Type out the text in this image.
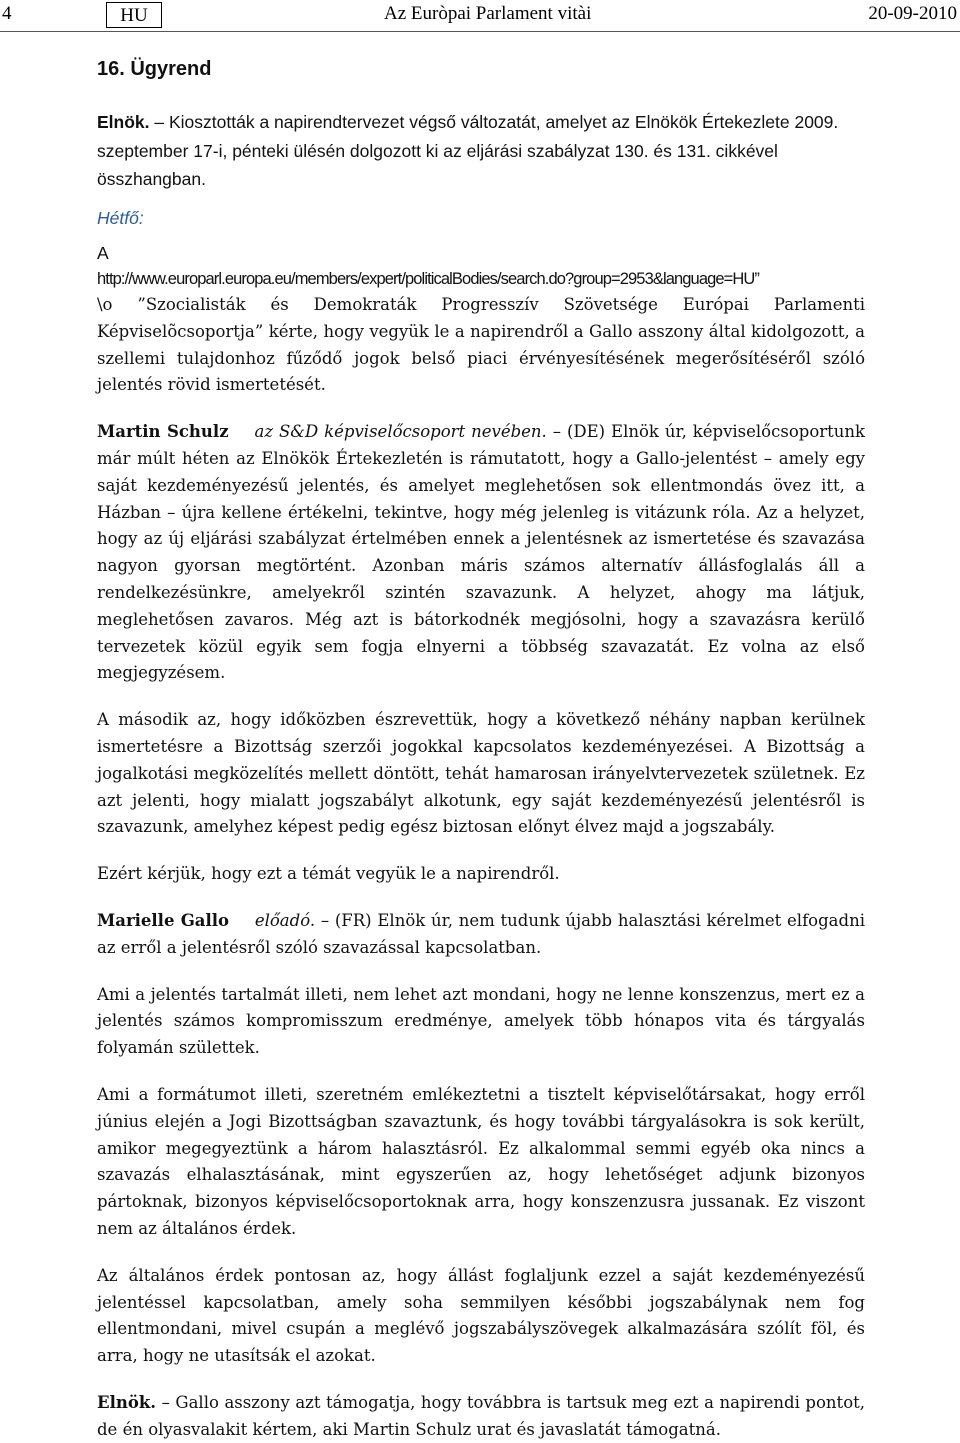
4	HU	Az Euròpai Parlament vitài	20-09-2010
16. Ügyrend

Elnök. – Kiosztották a napirendtervezet végső változatát, amelyet az Elnökök Értekezlete 2009. szeptember 17-i, pénteki ülésén dolgozott ki az eljárási szabályzat 130. és 131. cikkével összhangban.

Hétfő:
A
http://www.europarl.europa.eu/members/expert/politicalBodies/search.do?group=2953&language=HU”

\o ”Szocialisták és Demokraták Progresszív Szövetsége Európai Parlamenti Képviselõcsoportja” kérte, hogy vegyük le a napirendről a Gallo asszony által kidolgozott, a szellemi tulajdonhoz fűződő jogok belső piaci érvényesítésének megerősítéséről szóló jelentés rövid ismertetését.

Martin Schulz az S&D képviselőcsoport nevében. – (DE) Elnök úr, képviselőcsoportunk már múlt héten az Elnökök Értekezletén is rámutatott, hogy a Gallo-jelentést – amely egy saját kezdeményezésű jelentés, és amelyet meglehetősen sok ellentmondás övez itt, a Házban – újra kellene értékelni, tekintve, hogy még jelenleg is vitázunk róla. Az a helyzet, hogy az új eljárási szabályzat értelmében ennek a jelentésnek az ismertetése és szavazása nagyon gyorsan megtörtént. Azonban máris számos alternatív állásfoglalás áll a rendelkezésünkre, amelyekről szintén szavazunk. A helyzet, ahogy ma látjuk, meglehetősen zavaros. Még azt is bátorkodnék megjósolni, hogy a szavazásra kerülő tervezetek közül egyik sem fogja elnyerni a többség szavazatát. Ez volna az első megjegyzésem.

A második az, hogy időközben észrevettük, hogy a következő néhány napban kerülnek ismertetésre a Bizottság szerzői jogokkal kapcsolatos kezdeményezései. A Bizottság a jogalkotási megközelítés mellett döntött, tehát hamarosan irányelvtervezetek születnek. Ez azt jelenti, hogy mialatt jogszabályt alkotunk, egy saját kezdeményezésű jelentésről is szavazunk, amelyhez képest pedig egész biztosan előnyt élvez majd a jogszabály.

Ezért kérjük, hogy ezt a témát vegyük le a napirendről.

Marielle Gallo előadó. – (FR) Elnök úr, nem tudunk újabb halasztási kérelmet elfogadni az erről a jelentésről szóló szavazással kapcsolatban.

Ami a jelentés tartalmát illeti, nem lehet azt mondani, hogy ne lenne konszenzus, mert ez a jelentés számos kompromisszum eredménye, amelyek több hónapos vita és tárgyalás folyamán születtek.

Ami a formátumot illeti, szeretném emlékeztetni a tisztelt képviselőtársakat, hogy erről június elején a Jogi Bizottságban szavaztunk, és hogy további tárgyalásokra is sok került, amikor megegyeztünk a három halasztásról. Ez alkalommal semmi egyéb oka nincs a szavazás elhalasztásának, mint egyszerűen az, hogy lehetőséget adjunk bizonyos pártoknak, bizonyos képviselőcsoportoknak arra, hogy konszenzusra jussanak. Ez viszont nem az általános érdek.

Az általános érdek pontosan az, hogy állást foglaljunk ezzel a saját kezdeményezésű jelentéssel kapcsolatban, amely soha semmilyen későbbi jogszabálynak nem fog ellentmondani, mivel csupán a meglévő jogszabályszövegek alkalmazására szólít föl, és arra, hogy ne utasítsák el azokat.

Elnök. – Gallo asszony azt támogatja, hogy továbbra is tartsuk meg ezt a napirendi pontot, de én olyasvalakit kértem, aki Martin Schulz urat és javaslatát támogatná.
